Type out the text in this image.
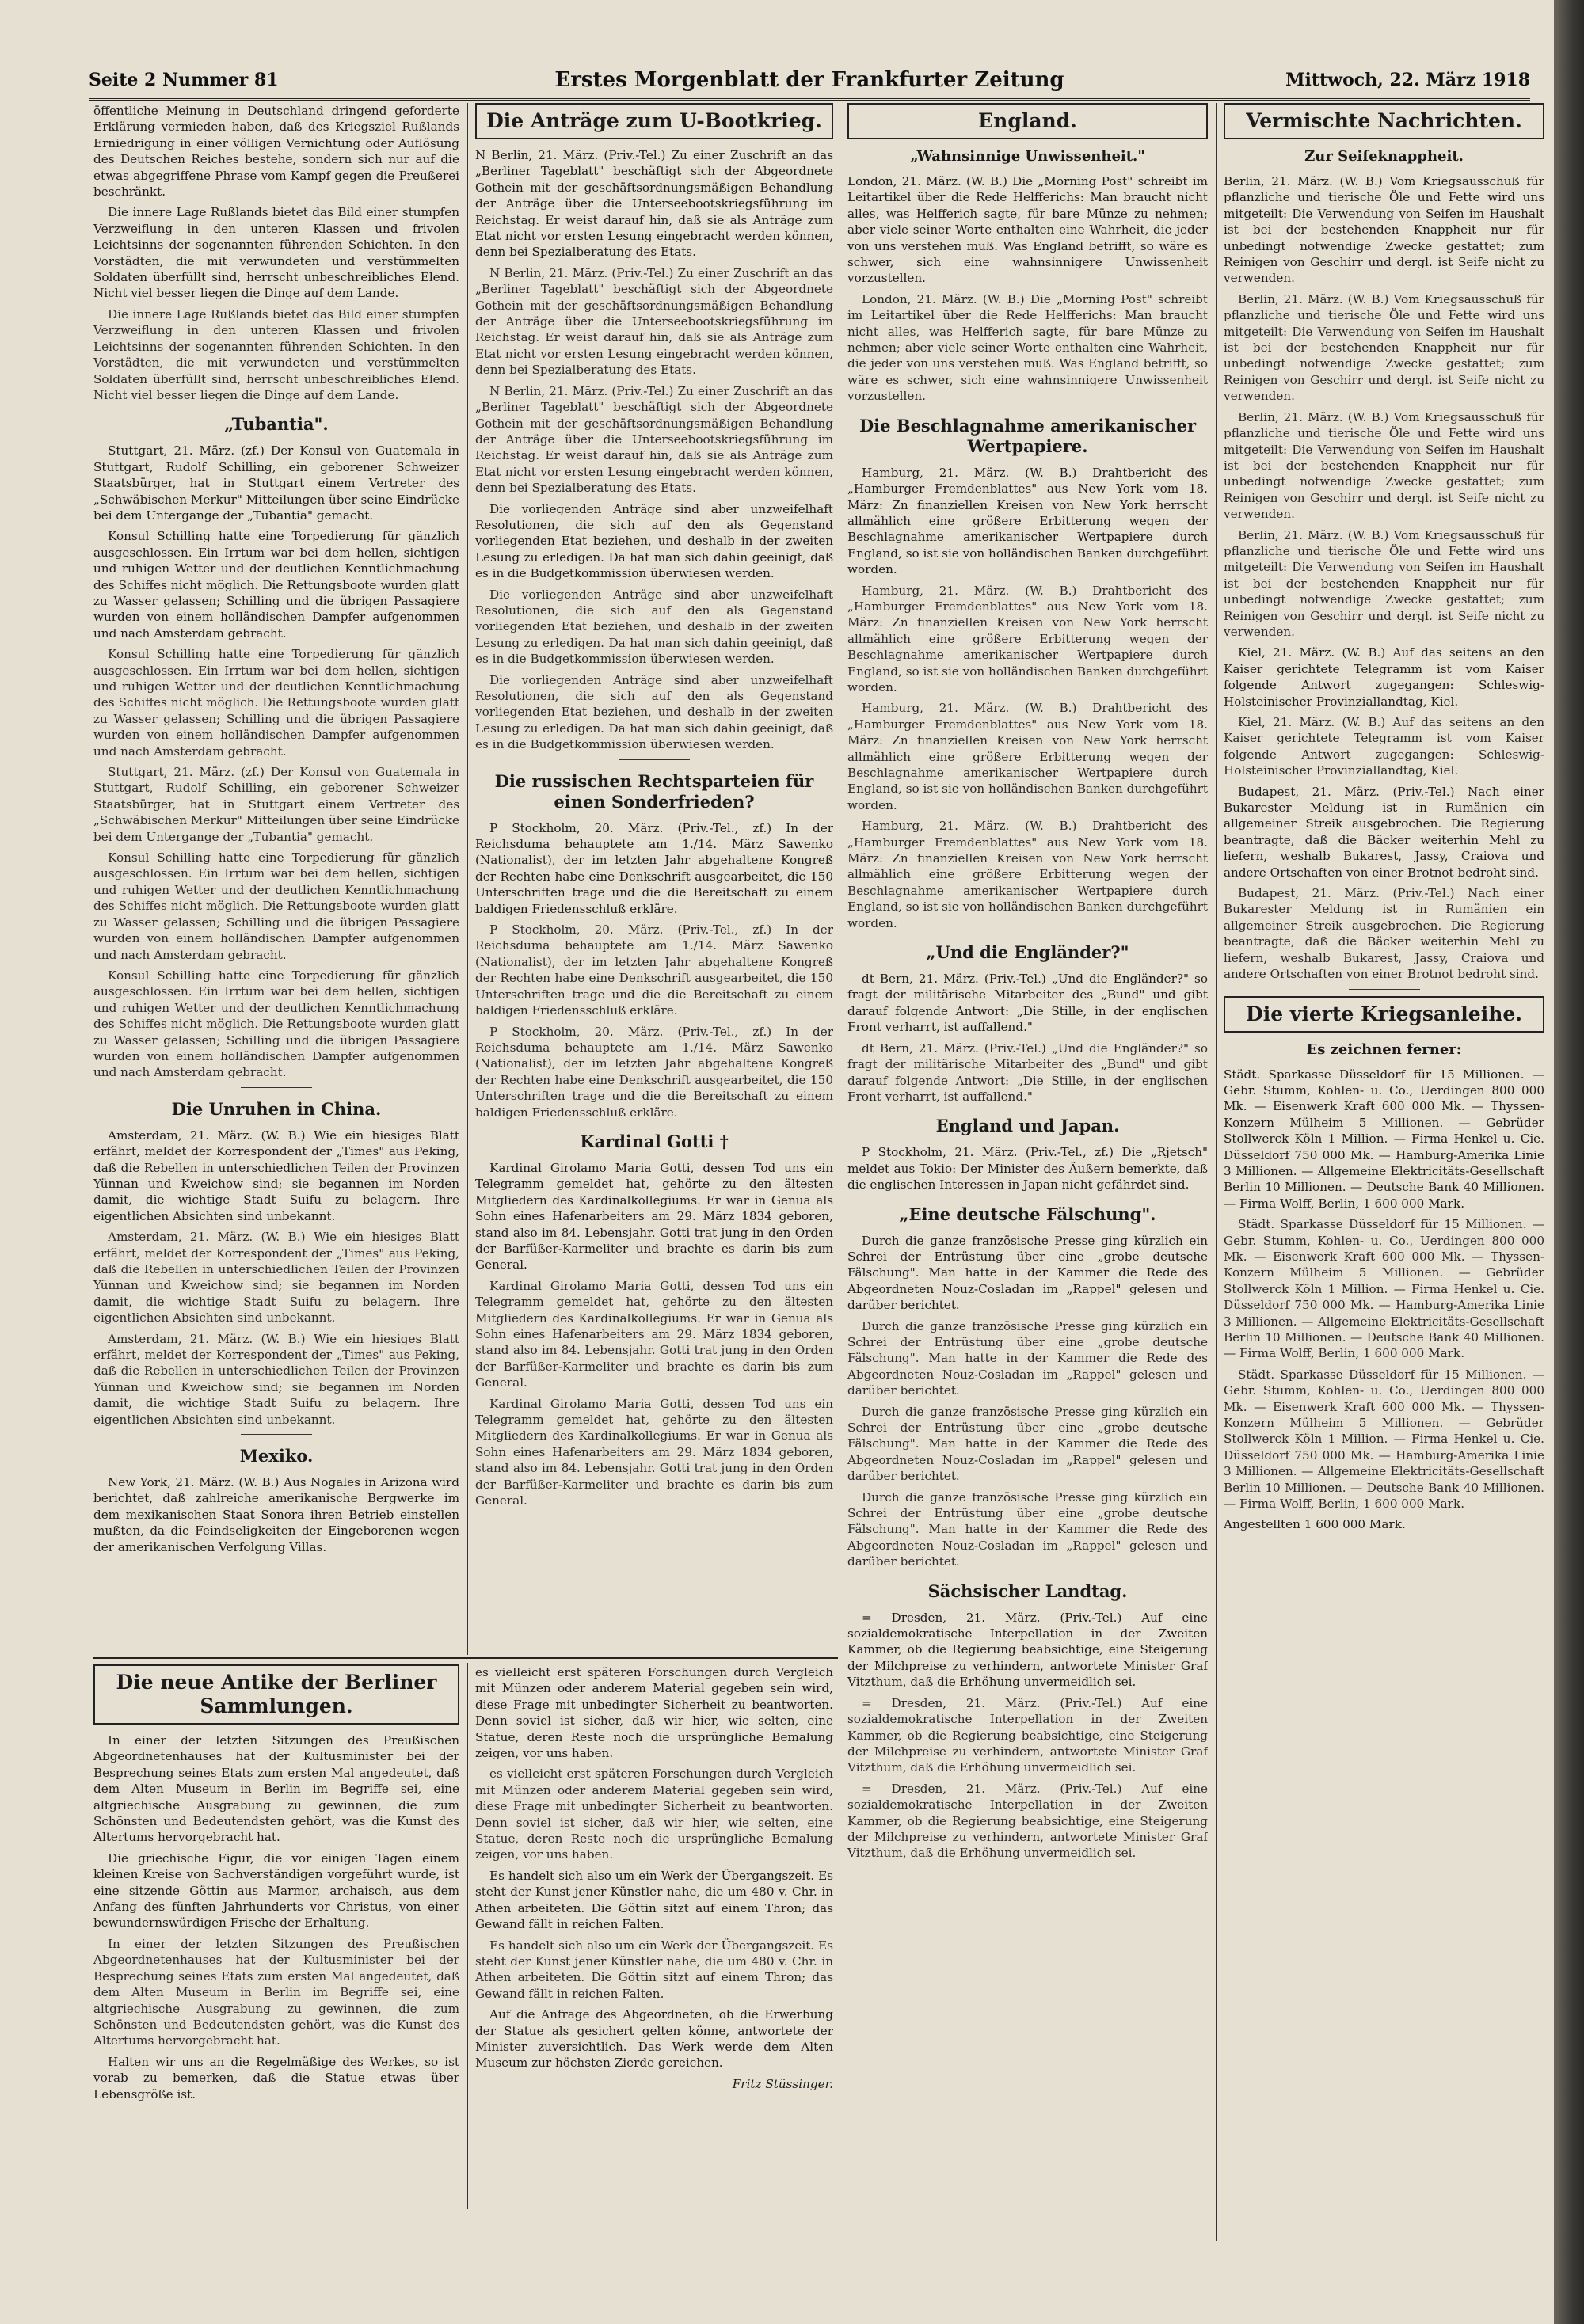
Seite 2 Nummer 81	Erstes Morgenblatt der Frankfurter Zeitung	Mittwoch, 22. März 1918

öffentliche Meinung in Deutschland dringend geforderte Erklärung vermieden haben, daß des Kriegsziel Rußlands Erniedrigung in einer völligen Vernichtung oder Auflösung des Deutschen Reiches bestehe, sondern sich nur auf die etwas abgegriffene Phrase vom Kampf gegen die Preußerei beschränkt.

Die innere Lage Rußlands bietet das Bild einer stumpfen Verzweiflung in den unteren Klassen und frivolen Leichtsinns der sogenannten führenden Schichten. In den Vorstädten, die mit verwundeten und verstümmelten Soldaten überfüllt sind, herrscht unbeschreibliches Elend. Nicht viel besser liegen die Dinge auf dem Lande.

Die innere Lage Rußlands bietet das Bild einer stumpfen Verzweiflung in den unteren Klassen und frivolen Leichtsinns der sogenannten führenden Schichten. In den Vorstädten, die mit verwundeten und verstümmelten Soldaten überfüllt sind, herrscht unbeschreibliches Elend. Nicht viel besser liegen die Dinge auf dem Lande.

„Tubantia".

Stuttgart, 21. März. (zf.) Der Konsul von Guatemala in Stuttgart, Rudolf Schilling, ein geborener Schweizer Staatsbürger, hat in Stuttgart einem Vertreter des „Schwäbischen Merkur" Mitteilungen über seine Eindrücke bei dem Untergange der „Tubantia" gemacht.

Konsul Schilling hatte eine Torpedierung für gänzlich ausgeschlossen. Ein Irrtum war bei dem hellen, sichtigen und ruhigen Wetter und der deutlichen Kenntlichmachung des Schiffes nicht möglich. Die Rettungsboote wurden glatt zu Wasser gelassen; Schilling und die übrigen Passagiere wurden von einem holländischen Dampfer aufgenommen und nach Amsterdam gebracht.

Konsul Schilling hatte eine Torpedierung für gänzlich ausgeschlossen. Ein Irrtum war bei dem hellen, sichtigen und ruhigen Wetter und der deutlichen Kenntlichmachung des Schiffes nicht möglich. Die Rettungsboote wurden glatt zu Wasser gelassen; Schilling und die übrigen Passagiere wurden von einem holländischen Dampfer aufgenommen und nach Amsterdam gebracht.

Stuttgart, 21. März. (zf.) Der Konsul von Guatemala in Stuttgart, Rudolf Schilling, ein geborener Schweizer Staatsbürger, hat in Stuttgart einem Vertreter des „Schwäbischen Merkur" Mitteilungen über seine Eindrücke bei dem Untergange der „Tubantia" gemacht.

Konsul Schilling hatte eine Torpedierung für gänzlich ausgeschlossen. Ein Irrtum war bei dem hellen, sichtigen und ruhigen Wetter und der deutlichen Kenntlichmachung des Schiffes nicht möglich. Die Rettungsboote wurden glatt zu Wasser gelassen; Schilling und die übrigen Passagiere wurden von einem holländischen Dampfer aufgenommen und nach Amsterdam gebracht.

Konsul Schilling hatte eine Torpedierung für gänzlich ausgeschlossen. Ein Irrtum war bei dem hellen, sichtigen und ruhigen Wetter und der deutlichen Kenntlichmachung des Schiffes nicht möglich. Die Rettungsboote wurden glatt zu Wasser gelassen; Schilling und die übrigen Passagiere wurden von einem holländischen Dampfer aufgenommen und nach Amsterdam gebracht.

Die Unruhen in China.

Amsterdam, 21. März. (W. B.) Wie ein hiesiges Blatt erfährt, meldet der Korrespondent der „Times" aus Peking, daß die Rebellen in unterschiedlichen Teilen der Provinzen Yünnan und Kweichow sind; sie begannen im Norden damit, die wichtige Stadt Suifu zu belagern. Ihre eigentlichen Absichten sind unbekannt.

Amsterdam, 21. März. (W. B.) Wie ein hiesiges Blatt erfährt, meldet der Korrespondent der „Times" aus Peking, daß die Rebellen in unterschiedlichen Teilen der Provinzen Yünnan und Kweichow sind; sie begannen im Norden damit, die wichtige Stadt Suifu zu belagern. Ihre eigentlichen Absichten sind unbekannt.

Amsterdam, 21. März. (W. B.) Wie ein hiesiges Blatt erfährt, meldet der Korrespondent der „Times" aus Peking, daß die Rebellen in unterschiedlichen Teilen der Provinzen Yünnan und Kweichow sind; sie begannen im Norden damit, die wichtige Stadt Suifu zu belagern. Ihre eigentlichen Absichten sind unbekannt.

Mexiko.

New York, 21. März. (W. B.) Aus Nogales in Arizona wird berichtet, daß zahlreiche amerikanische Bergwerke im dem mexikanischen Staat Sonora ihren Betrieb einstellen mußten, da die Feindseligkeiten der Eingeborenen wegen der amerikanischen Verfolgung Villas.

Die Anträge zum U-Bootkrieg.

N Berlin, 21. März. (Priv.-Tel.) Zu einer Zuschrift an das „Berliner Tageblatt" beschäftigt sich der Abgeordnete Gothein mit der geschäftsordnungsmäßigen Behandlung der Anträge über die Unterseebootskriegsführung im Reichstag. Er weist darauf hin, daß sie als Anträge zum Etat nicht vor ersten Lesung eingebracht werden können, denn bei Spezialberatung des Etats.

N Berlin, 21. März. (Priv.-Tel.) Zu einer Zuschrift an das „Berliner Tageblatt" beschäftigt sich der Abgeordnete Gothein mit der geschäftsordnungsmäßigen Behandlung der Anträge über die Unterseebootskriegsführung im Reichstag. Er weist darauf hin, daß sie als Anträge zum Etat nicht vor ersten Lesung eingebracht werden können, denn bei Spezialberatung des Etats.

N Berlin, 21. März. (Priv.-Tel.) Zu einer Zuschrift an das „Berliner Tageblatt" beschäftigt sich der Abgeordnete Gothein mit der geschäftsordnungsmäßigen Behandlung der Anträge über die Unterseebootskriegsführung im Reichstag. Er weist darauf hin, daß sie als Anträge zum Etat nicht vor ersten Lesung eingebracht werden können, denn bei Spezialberatung des Etats.

Die vorliegenden Anträge sind aber unzweifelhaft Resolutionen, die sich auf den als Gegenstand vorliegenden Etat beziehen, und deshalb in der zweiten Lesung zu erledigen. Da hat man sich dahin geeinigt, daß es in die Budgetkommission überwiesen werden.

Die vorliegenden Anträge sind aber unzweifelhaft Resolutionen, die sich auf den als Gegenstand vorliegenden Etat beziehen, und deshalb in der zweiten Lesung zu erledigen. Da hat man sich dahin geeinigt, daß es in die Budgetkommission überwiesen werden.

Die vorliegenden Anträge sind aber unzweifelhaft Resolutionen, die sich auf den als Gegenstand vorliegenden Etat beziehen, und deshalb in der zweiten Lesung zu erledigen. Da hat man sich dahin geeinigt, daß es in die Budgetkommission überwiesen werden.

Die russischen Rechtsparteien für einen Sonderfrieden?

P Stockholm, 20. März. (Priv.-Tel., zf.) In der Reichsduma behauptete am 1./14. März Sawenko (Nationalist), der im letzten Jahr abgehaltene Kongreß der Rechten habe eine Denkschrift ausgearbeitet, die 150 Unterschriften trage und die die Bereitschaft zu einem baldigen Friedensschluß erkläre.

P Stockholm, 20. März. (Priv.-Tel., zf.) In der Reichsduma behauptete am 1./14. März Sawenko (Nationalist), der im letzten Jahr abgehaltene Kongreß der Rechten habe eine Denkschrift ausgearbeitet, die 150 Unterschriften trage und die die Bereitschaft zu einem baldigen Friedensschluß erkläre.

P Stockholm, 20. März. (Priv.-Tel., zf.) In der Reichsduma behauptete am 1./14. März Sawenko (Nationalist), der im letzten Jahr abgehaltene Kongreß der Rechten habe eine Denkschrift ausgearbeitet, die 150 Unterschriften trage und die die Bereitschaft zu einem baldigen Friedensschluß erkläre.

Kardinal Gotti †

Kardinal Girolamo Maria Gotti, dessen Tod uns ein Telegramm gemeldet hat, gehörte zu den ältesten Mitgliedern des Kardinalkollegiums. Er war in Genua als Sohn eines Hafenarbeiters am 29. März 1834 geboren, stand also im 84. Lebensjahr. Gotti trat jung in den Orden der Barfüßer-Karmeliter und brachte es darin bis zum General.

Kardinal Girolamo Maria Gotti, dessen Tod uns ein Telegramm gemeldet hat, gehörte zu den ältesten Mitgliedern des Kardinalkollegiums. Er war in Genua als Sohn eines Hafenarbeiters am 29. März 1834 geboren, stand also im 84. Lebensjahr. Gotti trat jung in den Orden der Barfüßer-Karmeliter und brachte es darin bis zum General.

Kardinal Girolamo Maria Gotti, dessen Tod uns ein Telegramm gemeldet hat, gehörte zu den ältesten Mitgliedern des Kardinalkollegiums. Er war in Genua als Sohn eines Hafenarbeiters am 29. März 1834 geboren, stand also im 84. Lebensjahr. Gotti trat jung in den Orden der Barfüßer-Karmeliter und brachte es darin bis zum General.

England.
„Wahnsinnige Unwissenheit."

London, 21. März. (W. B.) Die „Morning Post" schreibt im Leitartikel über die Rede Helfferichs: Man braucht nicht alles, was Helfferich sagte, für bare Münze zu nehmen; aber viele seiner Worte enthalten eine Wahrheit, die jeder von uns verstehen muß. Was England betrifft, so wäre es schwer, sich eine wahnsinnigere Unwissenheit vorzustellen.

London, 21. März. (W. B.) Die „Morning Post" schreibt im Leitartikel über die Rede Helfferichs: Man braucht nicht alles, was Helfferich sagte, für bare Münze zu nehmen; aber viele seiner Worte enthalten eine Wahrheit, die jeder von uns verstehen muß. Was England betrifft, so wäre es schwer, sich eine wahnsinnigere Unwissenheit vorzustellen.

Die Beschlagnahme amerikanischer Wertpapiere.

Hamburg, 21. März. (W. B.) Drahtbericht des „Hamburger Fremdenblattes" aus New York vom 18. März: Zn finanziellen Kreisen von New York herrscht allmählich eine größere Erbitterung wegen der Beschlagnahme amerikanischer Wertpapiere durch England, so ist sie von holländischen Banken durchgeführt worden.

Hamburg, 21. März. (W. B.) Drahtbericht des „Hamburger Fremdenblattes" aus New York vom 18. März: Zn finanziellen Kreisen von New York herrscht allmählich eine größere Erbitterung wegen der Beschlagnahme amerikanischer Wertpapiere durch England, so ist sie von holländischen Banken durchgeführt worden.

Hamburg, 21. März. (W. B.) Drahtbericht des „Hamburger Fremdenblattes" aus New York vom 18. März: Zn finanziellen Kreisen von New York herrscht allmählich eine größere Erbitterung wegen der Beschlagnahme amerikanischer Wertpapiere durch England, so ist sie von holländischen Banken durchgeführt worden.

Hamburg, 21. März. (W. B.) Drahtbericht des „Hamburger Fremdenblattes" aus New York vom 18. März: Zn finanziellen Kreisen von New York herrscht allmählich eine größere Erbitterung wegen der Beschlagnahme amerikanischer Wertpapiere durch England, so ist sie von holländischen Banken durchgeführt worden.

„Und die Engländer?"

dt Bern, 21. März. (Priv.-Tel.) „Und die Engländer?" so fragt der militärische Mitarbeiter des „Bund" und gibt darauf folgende Antwort: „Die Stille, in der englischen Front verharrt, ist auffallend."

dt Bern, 21. März. (Priv.-Tel.) „Und die Engländer?" so fragt der militärische Mitarbeiter des „Bund" und gibt darauf folgende Antwort: „Die Stille, in der englischen Front verharrt, ist auffallend."

England und Japan.

P Stockholm, 21. März. (Priv.-Tel., zf.) Die „Rjetsch" meldet aus Tokio: Der Minister des Äußern bemerkte, daß die englischen Interessen in Japan nicht gefährdet sind.

„Eine deutsche Fälschung".

Durch die ganze französische Presse ging kürzlich ein Schrei der Entrüstung über eine „grobe deutsche Fälschung". Man hatte in der Kammer die Rede des Abgeordneten Nouz-Cosladan im „Rappel" gelesen und darüber berichtet.

Durch die ganze französische Presse ging kürzlich ein Schrei der Entrüstung über eine „grobe deutsche Fälschung". Man hatte in der Kammer die Rede des Abgeordneten Nouz-Cosladan im „Rappel" gelesen und darüber berichtet.

Durch die ganze französische Presse ging kürzlich ein Schrei der Entrüstung über eine „grobe deutsche Fälschung". Man hatte in der Kammer die Rede des Abgeordneten Nouz-Cosladan im „Rappel" gelesen und darüber berichtet.

Durch die ganze französische Presse ging kürzlich ein Schrei der Entrüstung über eine „grobe deutsche Fälschung". Man hatte in der Kammer die Rede des Abgeordneten Nouz-Cosladan im „Rappel" gelesen und darüber berichtet.

Sächsischer Landtag.

= Dresden, 21. März. (Priv.-Tel.) Auf eine sozialdemokratische Interpellation in der Zweiten Kammer, ob die Regierung beabsichtige, eine Steigerung der Milchpreise zu verhindern, antwortete Minister Graf Vitzthum, daß die Erhöhung unvermeidlich sei.

= Dresden, 21. März. (Priv.-Tel.) Auf eine sozialdemokratische Interpellation in der Zweiten Kammer, ob die Regierung beabsichtige, eine Steigerung der Milchpreise zu verhindern, antwortete Minister Graf Vitzthum, daß die Erhöhung unvermeidlich sei.

= Dresden, 21. März. (Priv.-Tel.) Auf eine sozialdemokratische Interpellation in der Zweiten Kammer, ob die Regierung beabsichtige, eine Steigerung der Milchpreise zu verhindern, antwortete Minister Graf Vitzthum, daß die Erhöhung unvermeidlich sei.

Vermischte Nachrichten.
Zur Seifeknappheit.

Berlin, 21. März. (W. B.) Vom Kriegsausschuß für pflanzliche und tierische Öle und Fette wird uns mitgeteilt: Die Verwendung von Seifen im Haushalt ist bei der bestehenden Knappheit nur für unbedingt notwendige Zwecke gestattet; zum Reinigen von Geschirr und dergl. ist Seife nicht zu verwenden.

Berlin, 21. März. (W. B.) Vom Kriegsausschuß für pflanzliche und tierische Öle und Fette wird uns mitgeteilt: Die Verwendung von Seifen im Haushalt ist bei der bestehenden Knappheit nur für unbedingt notwendige Zwecke gestattet; zum Reinigen von Geschirr und dergl. ist Seife nicht zu verwenden.

Berlin, 21. März. (W. B.) Vom Kriegsausschuß für pflanzliche und tierische Öle und Fette wird uns mitgeteilt: Die Verwendung von Seifen im Haushalt ist bei der bestehenden Knappheit nur für unbedingt notwendige Zwecke gestattet; zum Reinigen von Geschirr und dergl. ist Seife nicht zu verwenden.

Berlin, 21. März. (W. B.) Vom Kriegsausschuß für pflanzliche und tierische Öle und Fette wird uns mitgeteilt: Die Verwendung von Seifen im Haushalt ist bei der bestehenden Knappheit nur für unbedingt notwendige Zwecke gestattet; zum Reinigen von Geschirr und dergl. ist Seife nicht zu verwenden.

Kiel, 21. März. (W. B.) Auf das seitens an den Kaiser gerichtete Telegramm ist vom Kaiser folgende Antwort zugegangen: Schleswig-Holsteinischer Provinziallandtag, Kiel.

Kiel, 21. März. (W. B.) Auf das seitens an den Kaiser gerichtete Telegramm ist vom Kaiser folgende Antwort zugegangen: Schleswig-Holsteinischer Provinziallandtag, Kiel.

Budapest, 21. März. (Priv.-Tel.) Nach einer Bukarester Meldung ist in Rumänien ein allgemeiner Streik ausgebrochen. Die Regierung beantragte, daß die Bäcker weiterhin Mehl zu liefern, weshalb Bukarest, Jassy, Craiova und andere Ortschaften von einer Brotnot bedroht sind.

Budapest, 21. März. (Priv.-Tel.) Nach einer Bukarester Meldung ist in Rumänien ein allgemeiner Streik ausgebrochen. Die Regierung beantragte, daß die Bäcker weiterhin Mehl zu liefern, weshalb Bukarest, Jassy, Craiova und andere Ortschaften von einer Brotnot bedroht sind.

Die vierte Kriegsanleihe.
Es zeichnen ferner:

Städt. Sparkasse Düsseldorf für 15 Millionen. — Gebr. Stumm, Kohlen- u. Co., Uerdingen 800 000 Mk. — Eisenwerk Kraft 600 000 Mk. — Thyssen-Konzern Mülheim 5 Millionen. — Gebrüder Stollwerck Köln 1 Million. — Firma Henkel u. Cie. Düsseldorf 750 000 Mk. — Hamburg-Amerika Linie 3 Millionen. — Allgemeine Elektricitäts-Gesellschaft Berlin 10 Millionen. — Deutsche Bank 40 Millionen. — Firma Wolff, Berlin, 1 600 000 Mark.

Städt. Sparkasse Düsseldorf für 15 Millionen. — Gebr. Stumm, Kohlen- u. Co., Uerdingen 800 000 Mk. — Eisenwerk Kraft 600 000 Mk. — Thyssen-Konzern Mülheim 5 Millionen. — Gebrüder Stollwerck Köln 1 Million. — Firma Henkel u. Cie. Düsseldorf 750 000 Mk. — Hamburg-Amerika Linie 3 Millionen. — Allgemeine Elektricitäts-Gesellschaft Berlin 10 Millionen. — Deutsche Bank 40 Millionen. — Firma Wolff, Berlin, 1 600 000 Mark.

Städt. Sparkasse Düsseldorf für 15 Millionen. — Gebr. Stumm, Kohlen- u. Co., Uerdingen 800 000 Mk. — Eisenwerk Kraft 600 000 Mk. — Thyssen-Konzern Mülheim 5 Millionen. — Gebrüder Stollwerck Köln 1 Million. — Firma Henkel u. Cie. Düsseldorf 750 000 Mk. — Hamburg-Amerika Linie 3 Millionen. — Allgemeine Elektricitäts-Gesellschaft Berlin 10 Millionen. — Deutsche Bank 40 Millionen. — Firma Wolff, Berlin, 1 600 000 Mark.

Angestellten 1 600 000 Mark.

Die neue Antike der Berliner Sammlungen.

In einer der letzten Sitzungen des Preußischen Abgeordnetenhauses hat der Kultusminister bei der Besprechung seines Etats zum ersten Mal angedeutet, daß dem Alten Museum in Berlin im Begriffe sei, eine altgriechische Ausgrabung zu gewinnen, die zum Schönsten und Bedeutendsten gehört, was die Kunst des Altertums hervorgebracht hat.

Die griechische Figur, die vor einigen Tagen einem kleinen Kreise von Sachverständigen vorgeführt wurde, ist eine sitzende Göttin aus Marmor, archaisch, aus dem Anfang des fünften Jahrhunderts vor Christus, von einer bewundernswürdigen Frische der Erhaltung.

In einer der letzten Sitzungen des Preußischen Abgeordnetenhauses hat der Kultusminister bei der Besprechung seines Etats zum ersten Mal angedeutet, daß dem Alten Museum in Berlin im Begriffe sei, eine altgriechische Ausgrabung zu gewinnen, die zum Schönsten und Bedeutendsten gehört, was die Kunst des Altertums hervorgebracht hat.

Halten wir uns an die Regelmäßige des Werkes, so ist vorab zu bemerken, daß die Statue etwas über Lebensgröße ist.

es vielleicht erst späteren Forschungen durch Vergleich mit Münzen oder anderem Material gegeben sein wird, diese Frage mit unbedingter Sicherheit zu beantworten. Denn soviel ist sicher, daß wir hier, wie selten, eine Statue, deren Reste noch die ursprüngliche Bemalung zeigen, vor uns haben.

es vielleicht erst späteren Forschungen durch Vergleich mit Münzen oder anderem Material gegeben sein wird, diese Frage mit unbedingter Sicherheit zu beantworten. Denn soviel ist sicher, daß wir hier, wie selten, eine Statue, deren Reste noch die ursprüngliche Bemalung zeigen, vor uns haben.

Es handelt sich also um ein Werk der Übergangszeit. Es steht der Kunst jener Künstler nahe, die um 480 v. Chr. in Athen arbeiteten. Die Göttin sitzt auf einem Thron; das Gewand fällt in reichen Falten.

Es handelt sich also um ein Werk der Übergangszeit. Es steht der Kunst jener Künstler nahe, die um 480 v. Chr. in Athen arbeiteten. Die Göttin sitzt auf einem Thron; das Gewand fällt in reichen Falten.

Auf die Anfrage des Abgeordneten, ob die Erwerbung der Statue als gesichert gelten könne, antwortete der Minister zuversichtlich. Das Werk werde dem Alten Museum zur höchsten Zierde gereichen.

Fritz Stüssinger.
